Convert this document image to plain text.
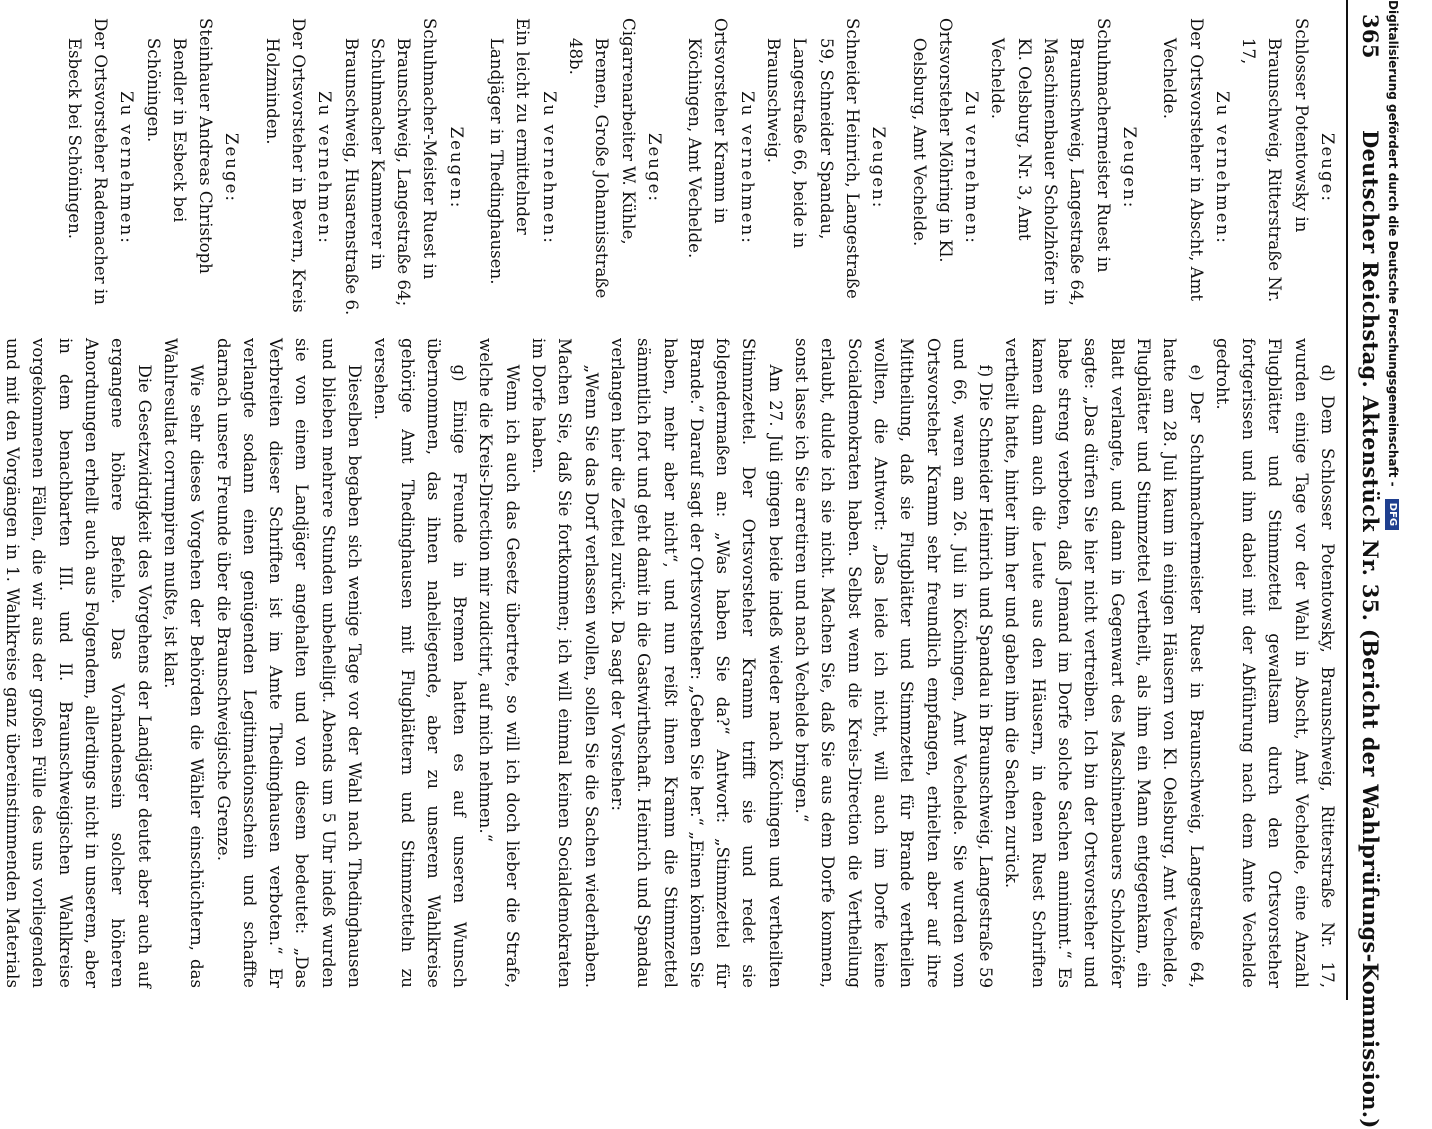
365
Deutscher Reichstag. Aktenstück Nr. 35. (Bericht der Wahlprüfungs-Kommission.)
Zeuge:
Schlosser Potentowsky in Braunschweig, Ritterstraße Nr. 17,
Zu vernehmen:
Der Ortsvorsteher in Abscht, Amt Vechelde.
Zeugen:
Schuhmachermeister Ruest in Braunschweig, Langestraße 64, Maschinenbauer Scholzhöfer in Kl. Oelsburg, Nr. 3, Amt Vechelde.
Zu vernehmen:
Ortsvorsteher Möhring in Kl. Oelsburg, Amt Vechelde.
Zeugen:
Schneider Heinrich, Langestraße 59, Schneider Spandau, Langestraße 66, beide in Braunschweig.
Zu vernehmen:
Ortsvorsteher Kramm in Köchingen, Amt Vechelde.
Zeuge:
Cigarrenarbeiter W. Kühle, Bremen, Große Johannisstraße 48b.
Zu vernehmen:
Ein leicht zu ermittelnder Landjäger in Thedinghausen.
Zeugen:
Schuhmacher-Meister Ruest in Braunschweig, Langestraße 64; Schuhmacher Kammerer in Braunschweig, Husarenstraße 6.
Zu vernehmen:
Der Ortsvorsteher in Bevern, Kreis Holzminden.
Zeuge:
Steinhauer Andreas Christoph Bendler in Esbeck bei Schöningen.
Zu vernehmen:
Der Ortsvorsteher Rademacher in Esbeck bei Schöningen.

d) Dem Schlosser Potentowsky, Braunschweig, Ritterstraße Nr. 17, wurden einige Tage vor der Wahl in Abscht, Amt Vechelde, eine Anzahl Flugblätter und Stimmzettel gewaltsam durch den Ortsvorsteher fortgerissen und ihm dabei mit der Abführung nach dem Amte Vechelde gedroht.

e) Der Schuhmachermeister Ruest in Braunschweig, Langestraße 64, hatte am 28. Juli kaum in einigen Häusern von Kl. Oelsburg, Amt Vechelde, Flugblätter und Stimmzettel vertheilt, als ihm ein Mann entgegenkam, ein Blatt verlangte, und dann in Gegenwart des Maschinenbauers Scholzhöfer sagte: „Das dürfen Sie hier nicht vertreiben. Ich bin der Ortsvorsteher und habe streng verboten, daß Jemand im Dorfe solche Sachen annimmt.“ Es kamen dann auch die Leute aus den Häusern, in denen Ruest Schriften vertheilt hatte, hinter ihm her und gaben ihm die Sachen zurück.

f) Die Schneider Heinrich und Spandau in Braunschweig, Langestraße 59 und 66, waren am 26. Juli in Köchingen, Amt Vechelde. Sie wurden vom Ortsvorsteher Kramm sehr freundlich empfangen, erhielten aber auf ihre Mittheilung, daß sie Flugblätter und Stimmzettel für Brande vertheilen wollten, die Antwort: „Das leide ich nicht, will auch im Dorfe keine Socialdemokraten haben. Selbst wenn die Kreis-Direction die Vertheilung erlaubt, dulde ich sie nicht. Machen Sie, daß Sie aus dem Dorfe kommen, sonst lasse ich Sie arretiren und nach Vechelde bringen.“

Am 27. Juli gingen beide indeß wieder nach Köchingen und vertheilten Stimmzettel. Der Ortsvorsteher Kramm trifft sie und redet sie folgendermaßen an: „Was haben Sie da?“ Antwort: „Stimmzettel für Brande.“ Darauf sagt der Ortsvorsteher: „Geben Sie her.“ „Einen können Sie haben, mehr aber nicht“, und nun reißt ihnen Kramm die Stimmzettel sämmtlich fort und geht damit in die Gastwirthschaft. Heinrich und Spandau verlangen hier die Zettel zurück. Da sagt der Vorsteher:

„Wenn Sie das Dorf verlassen wollen, sollen Sie die Sachen wiederhaben. Machen Sie, daß Sie fortkommen; ich will einmal keinen Socialdemokraten im Dorfe haben.

Wenn ich auch das Gesetz übertrete, so will ich doch lieber die Strafe, welche die Kreis-Direction mir zudictirt, auf mich nehmen.“

g) Einige Freunde in Bremen hatten es auf unseren Wunsch übernommen, das ihnen naheliegende, aber zu unserem Wahlkreise gehörige Amt Thedinghausen mit Flugblättern und Stimmzetteln zu versehen.

Dieselben begaben sich wenige Tage vor der Wahl nach Thedinghausen und blieben mehrere Stunden unbehelligt. Abends um 5 Uhr indeß wurden sie von einem Landjäger angehalten und von diesem bedeutet: „Das Verbreiten dieser Schriften ist im Amte Thedinghausen verboten.“ Er verlangte sodann einen genügenden Legitimationsschein und schaffte darnach unsere Freunde über die Braunschweigische Grenze.

Wie sehr dieses Vorgehen der Behörden die Wähler einschüchtern, das Wahlresultat corrumpiren mußte, ist klar.

Die Gesetzwidrigkeit des Vorgehens der Landjäger deutet aber auch auf ergangene höhere Befehle. Das Vorhandensein solcher höheren Anordnungen erhellt auch aus Folgendem, allerdings nicht in unserem, aber in dem benachbarten III. und II. Braunschweigischen Wahlkreise vorgekommenen Fällen, die wir aus der großen Fülle des uns vorliegenden und mit den Vorgängen in 1. Wahlkreise ganz übereinstimmenden Materials

Digitalisierung gefördert durch die Deutsche Forschungsgemeinschaft - DFG
